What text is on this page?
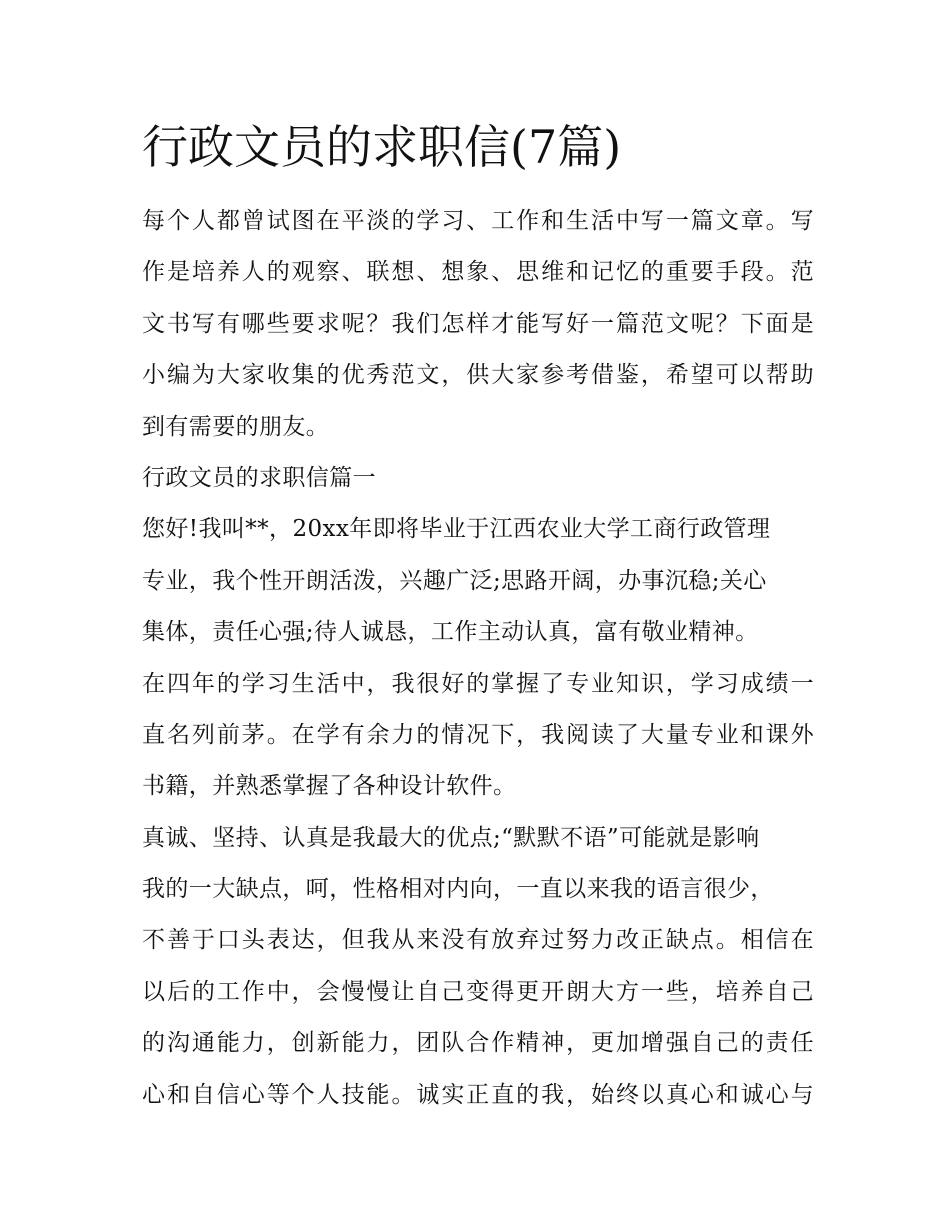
行政文员的求职信(7篇)
每个人都曾试图在平淡的学习、工作和生活中写一篇文章。写
作是培养人的观察、联想、想象、思维和记忆的重要手段。范
文书写有哪些要求呢？我们怎样才能写好一篇范文呢？下面是
小编为大家收集的优秀范文，供大家参考借鉴，希望可以帮助
到有需要的朋友。
行政文员的求职信篇一
您好!我叫**，20xx年即将毕业于江西农业大学工商行政管理
专业，我个性开朗活泼，兴趣广泛;思路开阔，办事沉稳;关心
集体，责任心强;待人诚恳，工作主动认真，富有敬业精神。
在四年的学习生活中，我很好的掌握了专业知识，学习成绩一
直名列前茅。在学有余力的情况下，我阅读了大量专业和课外
书籍，并熟悉掌握了各种设计软件。
真诚、坚持、认真是我最大的优点;“默默不语”可能就是影响
我的一大缺点，呵，性格相对内向，一直以来我的语言很少，
不善于口头表达，但我从来没有放弃过努力改正缺点。相信在
以后的工作中，会慢慢让自己变得更开朗大方一些，培养自己
的沟通能力，创新能力，团队合作精神，更加增强自己的责任
心和自信心等个人技能。诚实正直的我，始终以真心和诚心与
